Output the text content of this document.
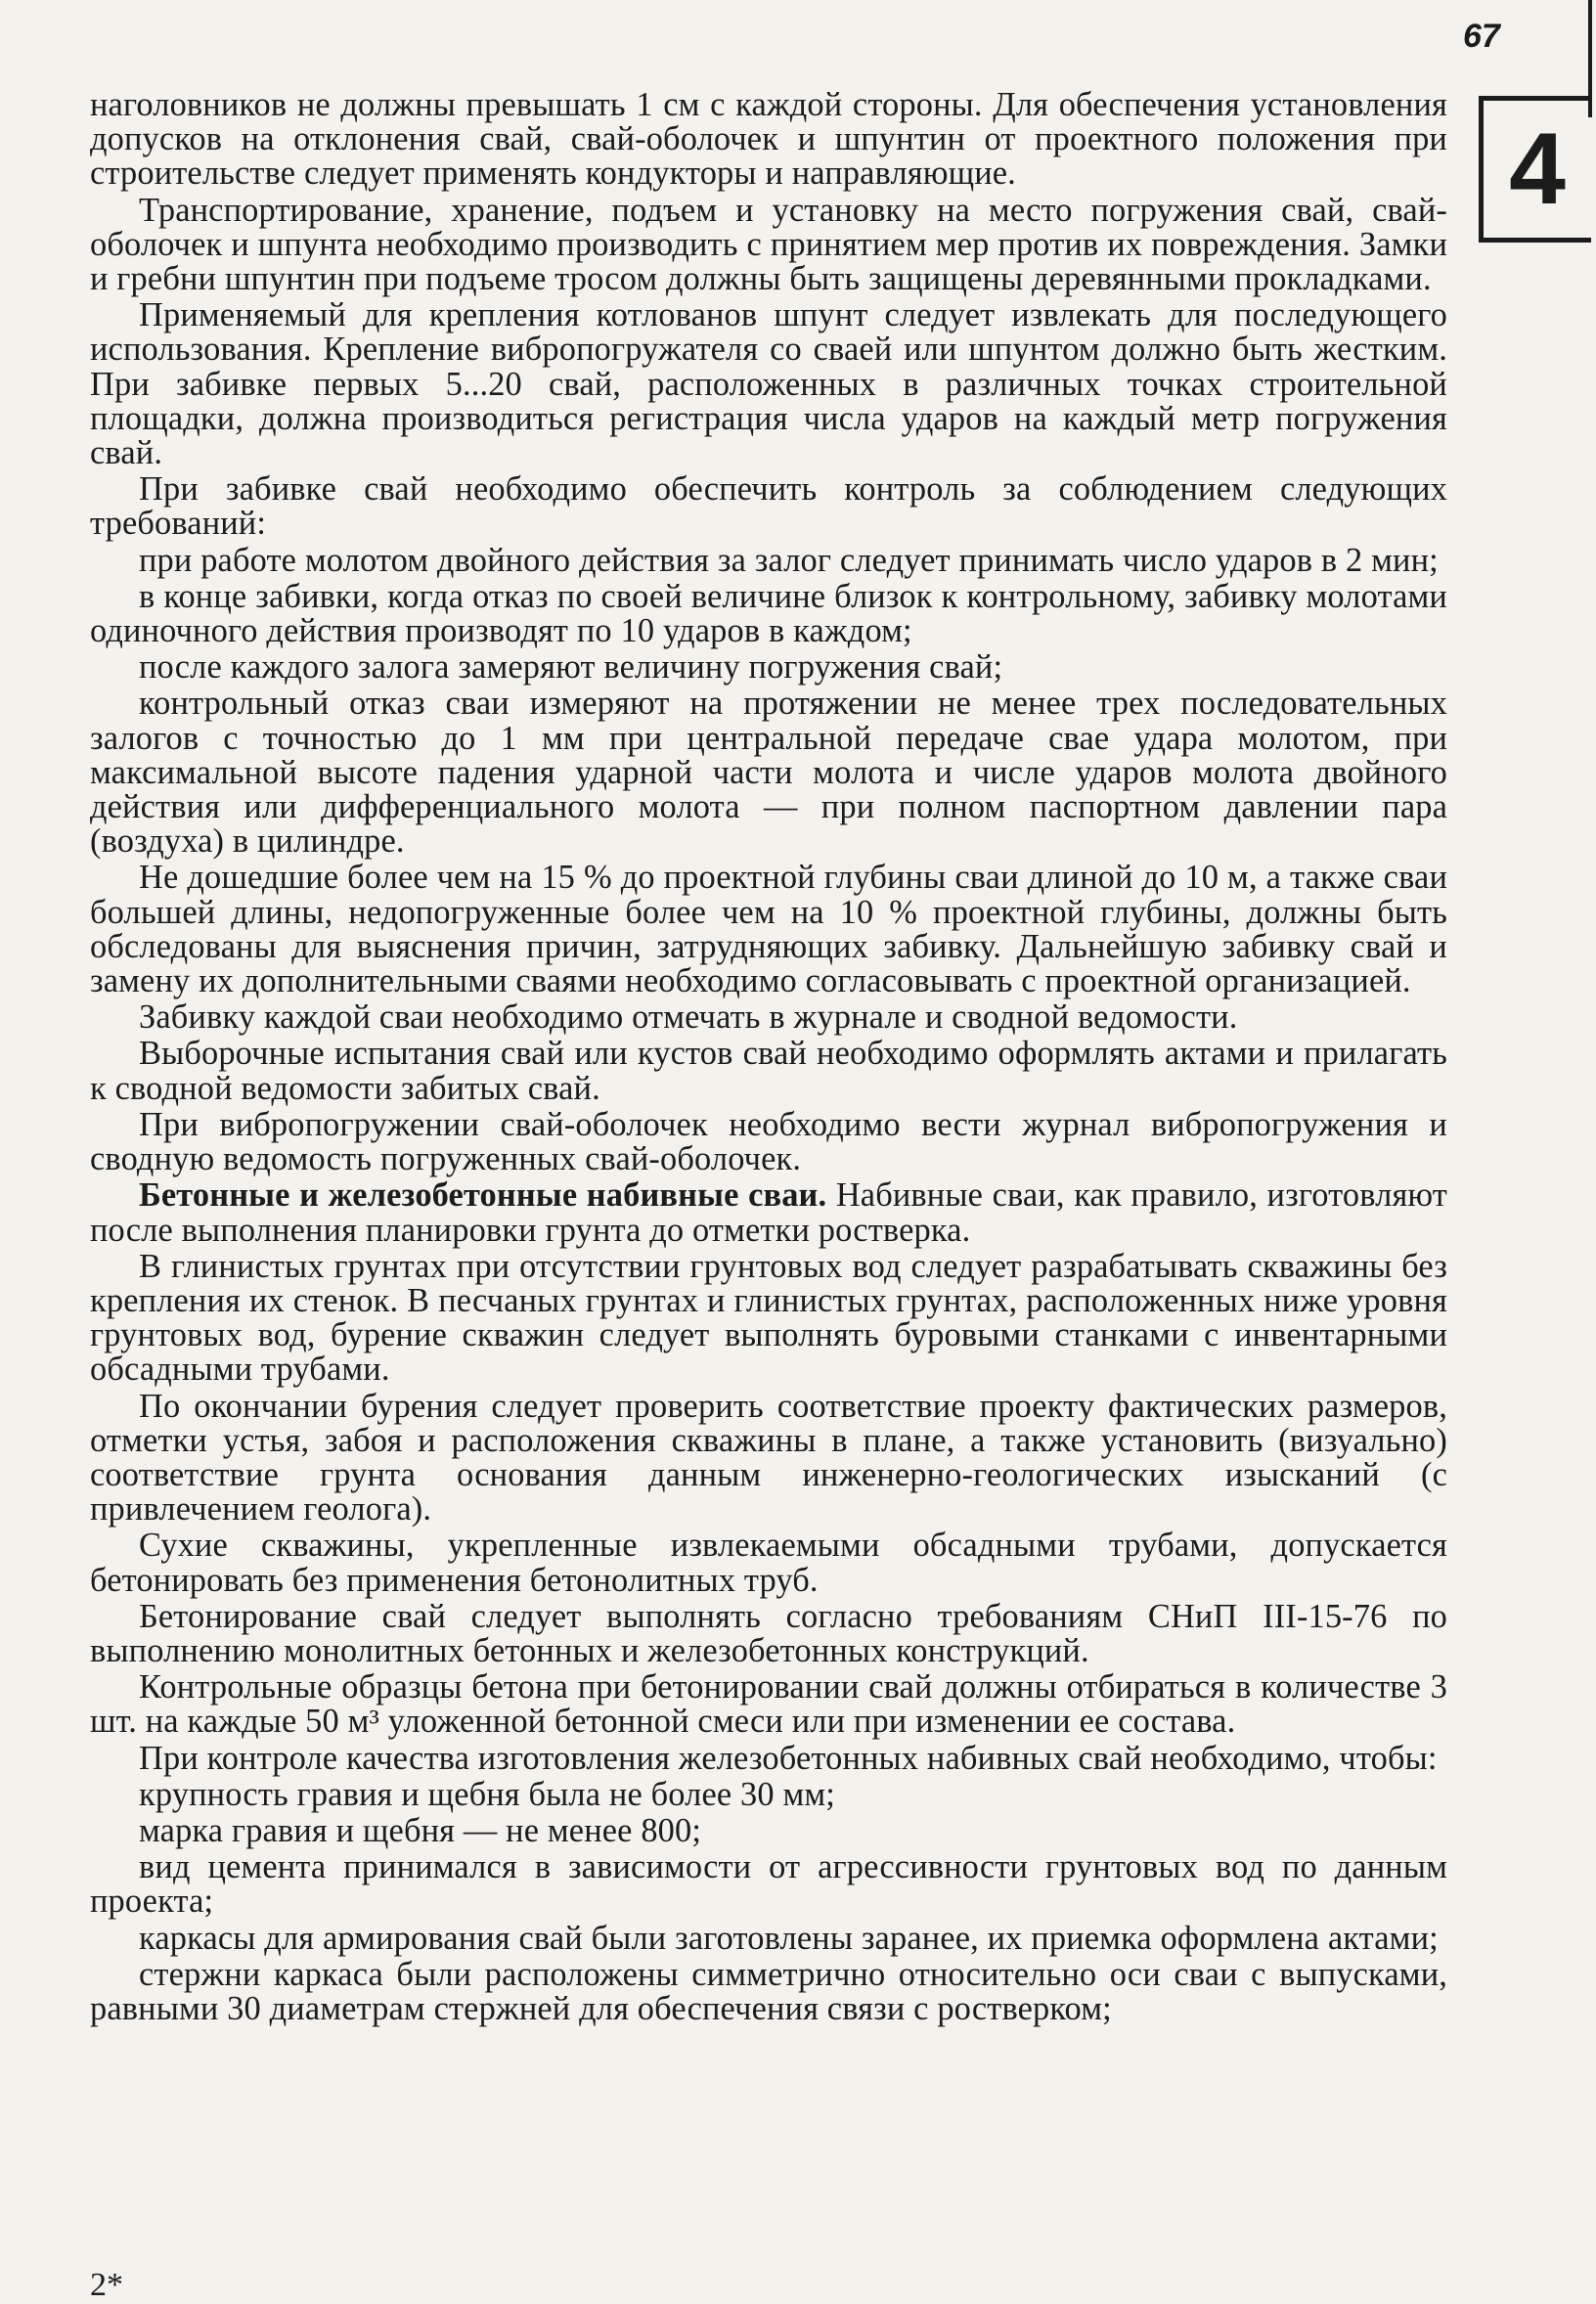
67
4

наголовников не должны превышать 1 см с каждой стороны. Для обеспечения установления допусков на отклонения свай, свай-оболочек и шпунтин от проектного положения при строительстве следует применять кондукторы и направляющие.

Транспортирование, хранение, подъем и установку на место погружения свай, свай-оболочек и шпунта необходимо производить с принятием мер против их повреждения. Замки и гребни шпунтин при подъеме тросом должны быть защищены деревянными прокладками.

Применяемый для крепления котлованов шпунт следует извлекать для последующего использования. Крепление вибропогружателя со сваей или шпунтом должно быть жестким. При забивке первых 5...20 свай, расположенных в различных точках строительной площадки, должна производиться регистрация числа ударов на каждый метр погружения свай.

При забивке свай необходимо обеспечить контроль за соблюдением следующих требований:

при работе молотом двойного действия за залог следует принимать число ударов в 2 мин;

в конце забивки, когда отказ по своей величине близок к контрольному, забивку молотами одиночного действия производят по 10 ударов в каждом;

после каждого залога замеряют величину погружения свай;

контрольный отказ сваи измеряют на протяжении не менее трех последовательных залогов с точностью до 1 мм при центральной передаче свае удара молотом, при максимальной высоте падения ударной части молота и числе ударов молота двойного действия или дифференциального молота — при полном паспортном давлении пара (воздуха) в цилиндре.

Не дошедшие более чем на 15 % до проектной глубины сваи длиной до 10 м, а также сваи большей длины, недопогруженные более чем на 10 % проектной глубины, должны быть обследованы для выяснения причин, затрудняющих забивку. Дальнейшую забивку свай и замену их дополнительными сваями необходимо согласовывать с проектной организацией.

Забивку каждой сваи необходимо отмечать в журнале и сводной ведомости.

Выборочные испытания свай или кустов свай необходимо оформлять актами и прилагать к сводной ведомости забитых свай.

При вибропогружении свай-оболочек необходимо вести журнал вибропогружения и сводную ведомость погруженных свай-оболочек.

Бетонные и железобетонные набивные сваи. Набивные сваи, как правило, изготовляют после выполнения планировки грунта до отметки ростверка.

В глинистых грунтах при отсутствии грунтовых вод следует разрабатывать скважины без крепления их стенок. В песчаных грунтах и глинистых грунтах, расположенных ниже уровня грунтовых вод, бурение скважин следует выполнять буровыми станками с инвентарными обсадными трубами.

По окончании бурения следует проверить соответствие проекту фактических размеров, отметки устья, забоя и расположения скважины в плане, а также установить (визуально) соответствие грунта основания данным инженерно-геологических изысканий (с привлечением геолога).

Сухие скважины, укрепленные извлекаемыми обсадными трубами, допускается бетонировать без применения бетонолитных труб.

Бетонирование свай следует выполнять согласно требованиям СНиП III-15-76 по выполнению монолитных бетонных и железобетонных конструкций.

Контрольные образцы бетона при бетонировании свай должны отбираться в количестве 3 шт. на каждые 50 м³ уложенной бетонной смеси или при изменении ее состава.

При контроле качества изготовления железобетонных набивных свай необходимо, чтобы:

крупность гравия и щебня была не более 30 мм;

марка гравия и щебня — не менее 800;

вид цемента принимался в зависимости от агрессивности грунтовых вод по данным проекта;

каркасы для армирования свай были заготовлены заранее, их приемка оформлена актами;

стержни каркаса были расположены симметрично относительно оси сваи с выпусками, равными 30 диаметрам стержней для обеспечения связи с ростверком;

2*
